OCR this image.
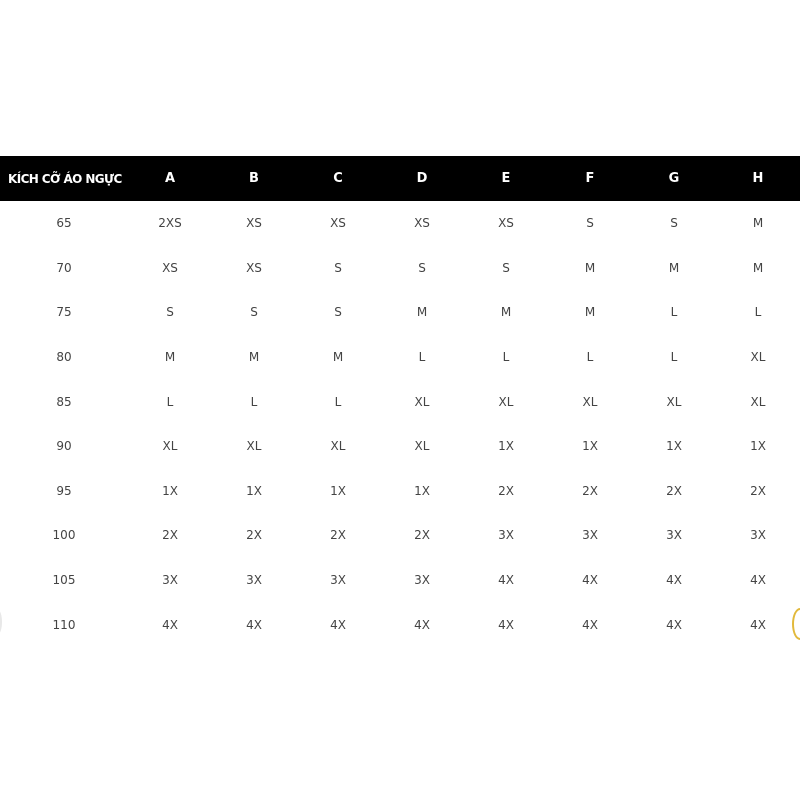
KÍCH CỠ ÁO NGỰC	A	B	C	D	E	F	G	H
65	2XS	XS	XS	XS	XS	S	S	M
70	XS	XS	S	S	S	M	M	M
75	S	S	S	M	M	M	L	L
80	M	M	M	L	L	L	L	XL
85	L	L	L	XL	XL	XL	XL	XL
90	XL	XL	XL	XL	1X	1X	1X	1X
95	1X	1X	1X	1X	2X	2X	2X	2X
100	2X	2X	2X	2X	3X	3X	3X	3X
105	3X	3X	3X	3X	4X	4X	4X	4X
110	4X	4X	4X	4X	4X	4X	4X	4X
